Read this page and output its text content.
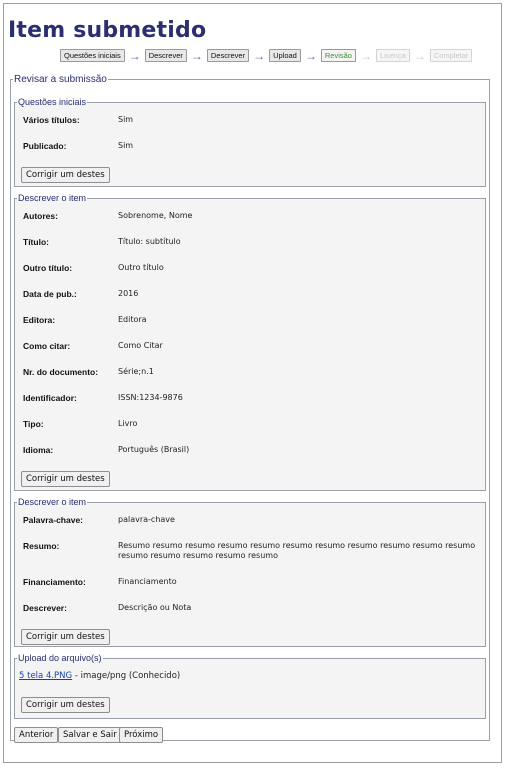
Item submetido
Questões iniciais →	Descrever →	Descrever →	Upload →	Revisão →	Licença →	Completar
Revisar a submissão
Questões iniciais
Vários títulos:	Sim
Publicado:	Sim
Corrigir um destes
Descrever o item
Autores:	Sobrenome, Nome
Título:	Título: subtítulo
Outro título:	Outro título
Data de pub.:	2016
Editora:	Editora
Como citar:	Como Citar
Nr. do documento:	Série;n.1
Identificador:	ISSN:1234-9876
Tipo:	Livro
Idioma:	Português (Brasil)
Corrigir um destes
Descrever o item
Palavra-chave:	palavra-chave
Resumo:	Resumo resumo resumo resumo resumo resumo resumo resumo resumo resumo resumo resumo resumo resumo resumo resumo
Financiamento:	Financiamento
Descrever:	Descrição ou Nota
Corrigir um destes
Upload do arquivo(s)
5 tela 4.PNG - image/png (Conhecido)
Corrigir um destes
Anterior	Salvar e Sair Próximo
